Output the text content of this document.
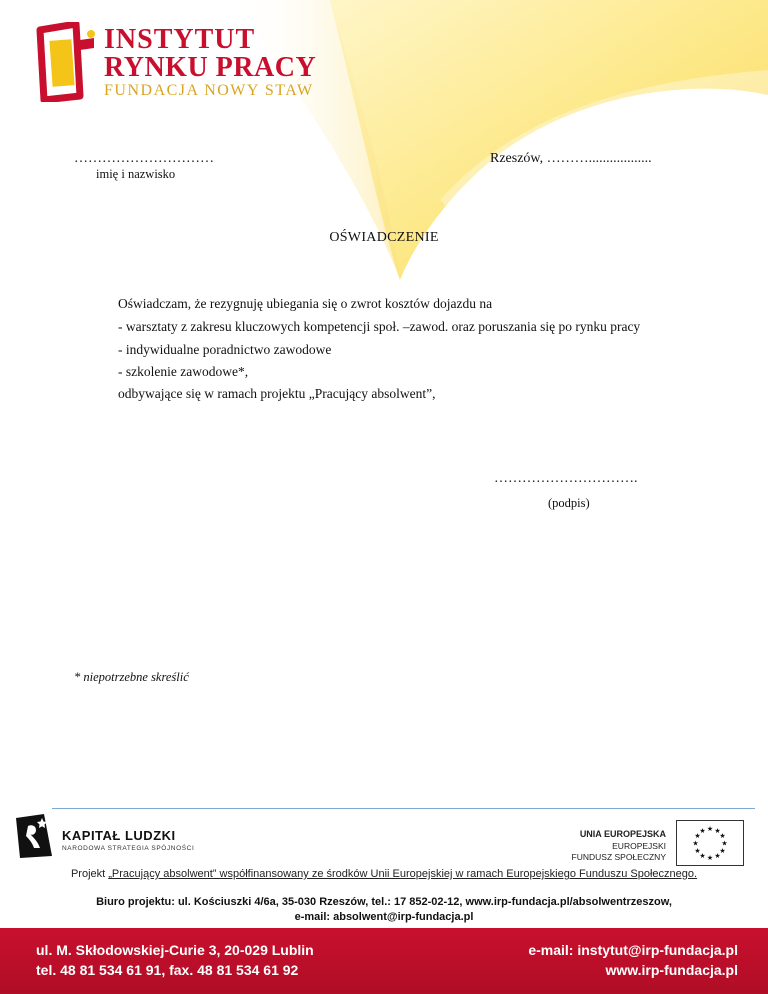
INSTYTUT
RYNKU PRACY
FUNDACJA NOWY STAW
…………………………
imię i nazwisko
Rzeszów, ………..................
OŚWIADCZENIE
Oświadczam, że rezygnuję ubiegania się o zwrot kosztów dojazdu na
- warsztaty z zakresu kluczowych kompetencji społ. –zawod. oraz poruszania się po rynku pracy
- indywidualne poradnictwo zawodowe
- szkolenie zawodowe*,
odbywające się w ramach projektu „Pracujący absolwent”,
………………………….
(podpis)
* niepotrzebne skreślić
KAPITAŁ LUDZKI
NARODOWA STRATEGIA SPÓJNOŚCI
UNIA EUROPEJSKA
EUROPEJSKI
FUNDUSZ SPOŁECZNY
★ ★
★
★
★
★
★
★
★
★
★
★
Projekt „Pracujący absolwent” współfinansowany ze środków Unii Europejskiej w ramach Europejskiego Funduszu Społecznego.
Biuro projektu: ul. Kościuszki 4/6a, 35-030 Rzeszów, tel.: 17 852-02-12, www.irp-fundacja.pl/absolwentrzeszow,
e-mail: absolwent@irp-fundacja.pl
ul. M. Skłodowskiej-Curie 3, 20-029 Lublin
tel. 48 81 534 61 91, fax. 48 81 534 61 92
e-mail: instytut@irp-fundacja.pl
www.irp-fundacja.pl
